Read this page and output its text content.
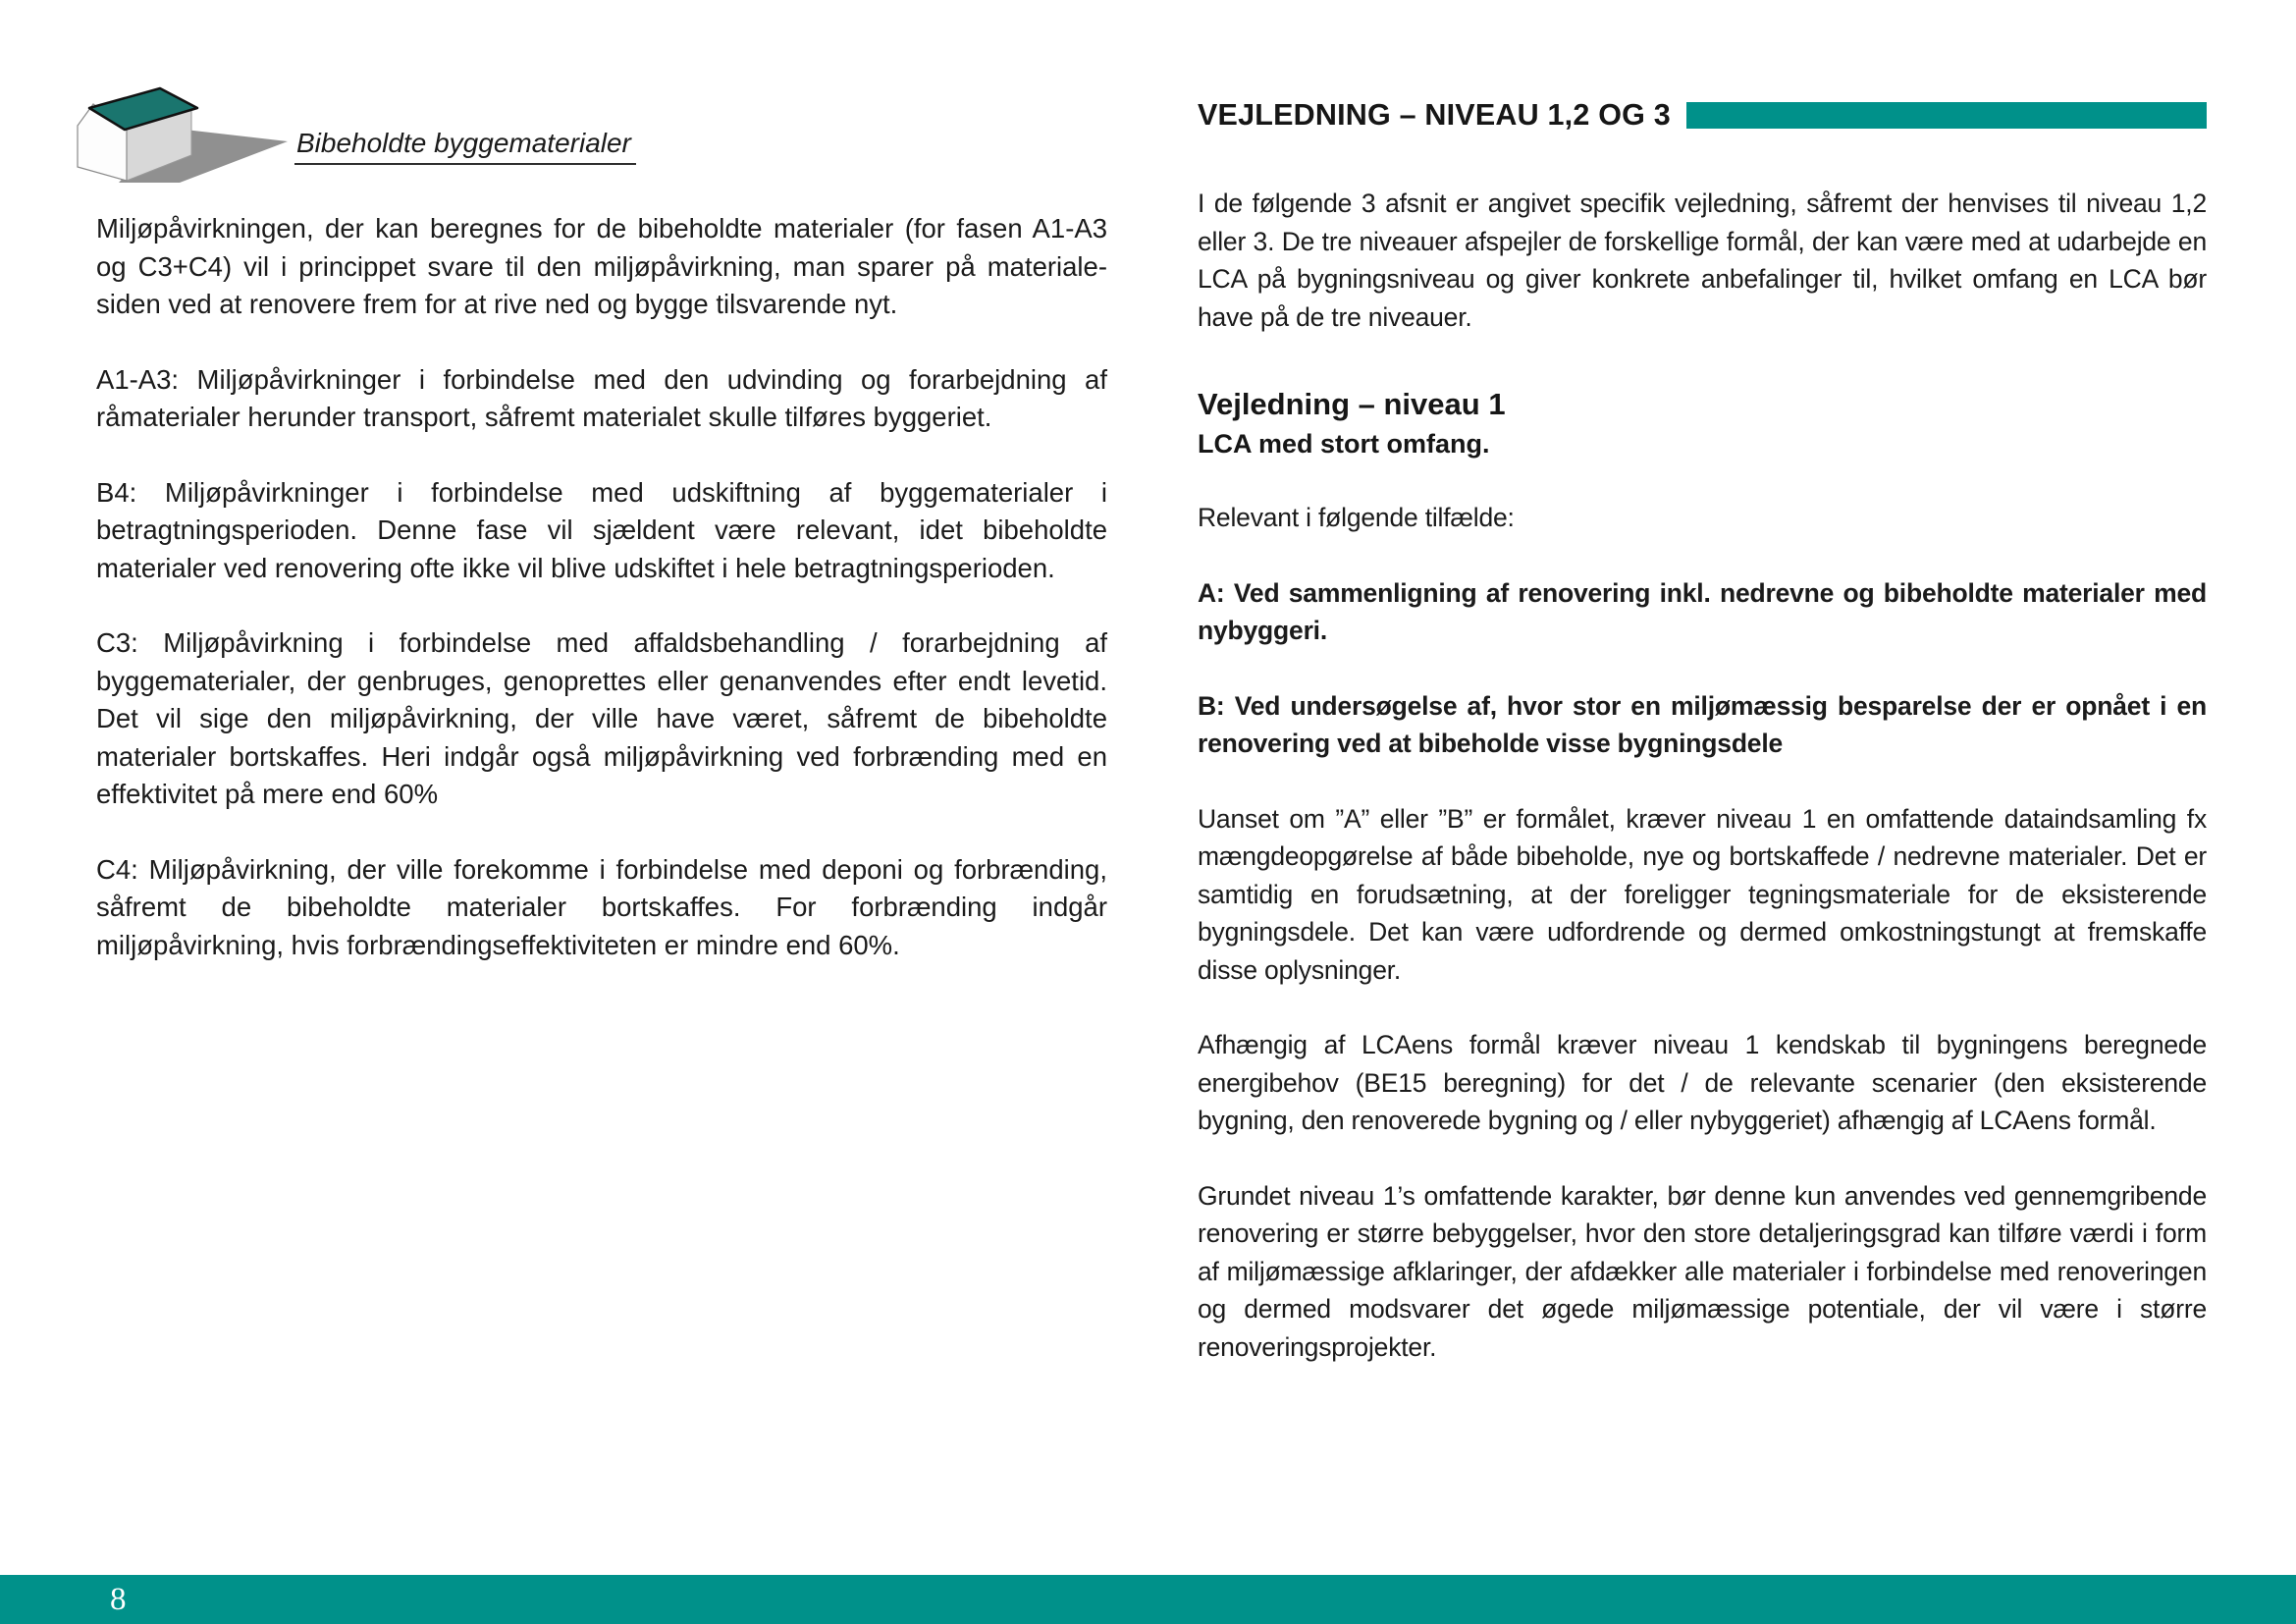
Bibeholdte byggematerialer

Miljøpåvirkningen, der kan beregnes for de bibeholdte materialer (for fasen A1-A3 og C3+C4) vil i princippet svare til den miljøpåvirkning, man sparer på materiale-siden ved at renovere frem for at rive ned og bygge tilsvarende nyt.

A1-A3: Miljøpåvirkninger i forbindelse med den udvinding og forarbejdning af råmaterialer herunder transport, såfremt materialet skulle tilføres byggeriet.

B4: Miljøpåvirkninger i forbindelse med udskiftning af byggematerialer i betragtningsperioden. Denne fase vil sjældent være relevant, idet bibeholdte materialer ved renovering ofte ikke vil blive udskiftet i hele betragtningsperioden.

C3: Miljøpåvirkning i forbindelse med affaldsbehandling / forarbejdning af byggematerialer, der genbruges, genoprettes eller genanvendes efter endt levetid. Det vil sige den miljøpåvirkning, der ville have været, såfremt de bibeholdte materialer bortskaffes. Heri indgår også miljøpåvirkning ved forbrænding med en effektivitet på mere end 60%

C4: Miljøpåvirkning, der ville forekomme i forbindelse med deponi og forbrænding, såfremt de bibeholdte materialer bortskaffes. For forbrænding indgår miljøpåvirkning, hvis forbrændingseffektiviteten er mindre end 60%.

VEJLEDNING – NIVEAU 1,2 OG 3

I de følgende 3 afsnit er angivet specifik vejledning, såfremt der henvises til niveau 1,2 eller 3. De tre niveauer afspejler de forskellige formål, der kan være med at udarbejde en LCA på bygningsniveau og giver konkrete anbefalinger til, hvilket omfang en LCA bør have på de tre niveauer.

Vejledning – niveau 1
LCA med stort omfang.

Relevant i følgende tilfælde:

A: Ved sammenligning af renovering inkl. nedrevne og bibeholdte materialer med nybyggeri.

B: Ved undersøgelse af, hvor stor en miljømæssig besparelse der er opnået i en renovering ved at bibeholde visse bygningsdele

Uanset om ”A” eller ”B” er formålet, kræver niveau 1 en omfattende dataindsamling fx mængdeopgørelse af både bibeholde, nye og bortskaffede / nedrevne materialer. Det er samtidig en forudsætning, at der foreligger tegningsmateriale for de eksisterende bygningsdele. Det kan være udfordrende og dermed omkostningstungt at fremskaffe disse oplysninger.

Afhængig af LCAens formål kræver niveau 1 kendskab til bygningens beregnede energibehov (BE15 beregning) for det / de relevante scenarier (den eksisterende bygning, den renoverede bygning og / eller nybyggeriet) afhængig af LCAens formål.

Grundet niveau 1’s omfattende karakter, bør denne kun anvendes ved gennemgribende renovering er større bebyggelser, hvor den store detaljeringsgrad kan tilføre værdi i form af miljømæssige afklaringer, der afdækker alle materialer i forbindelse med renoveringen og dermed modsvarer det øgede miljømæssige potentiale, der vil være i større renoveringsprojekter.

8
